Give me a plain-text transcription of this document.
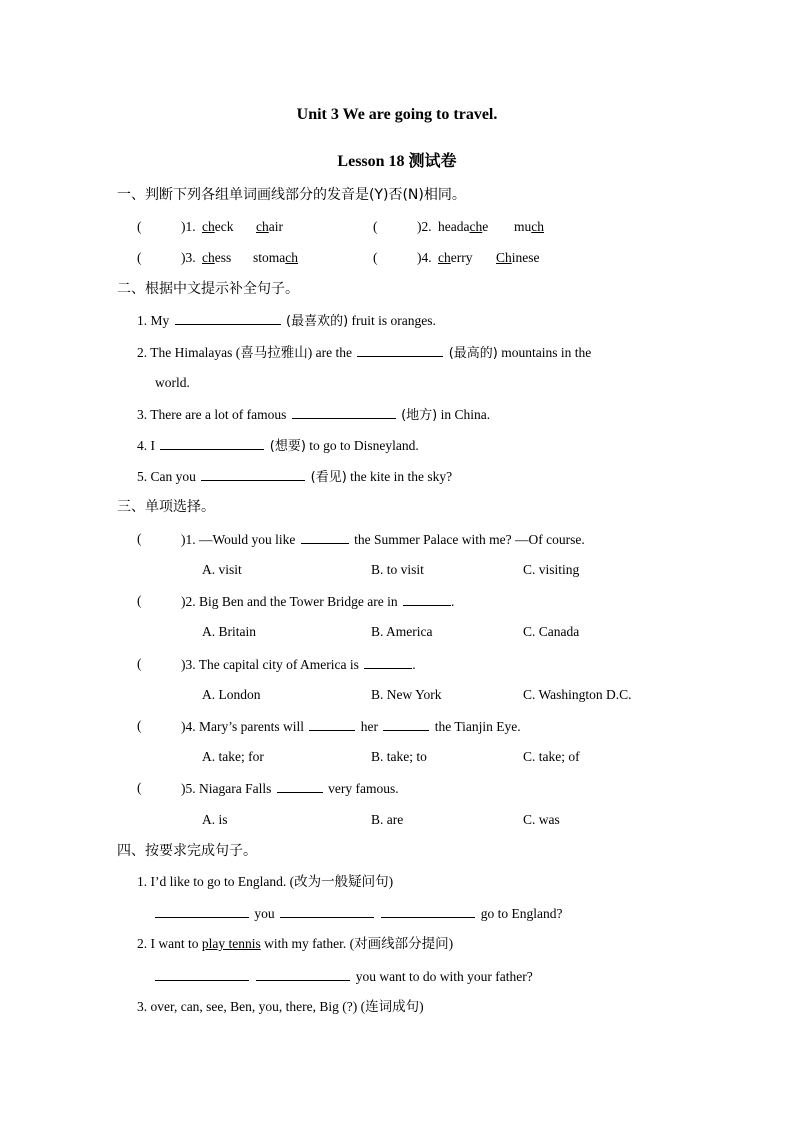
Unit 3 We are going to travel.
Lesson 18 测试卷
一、判断下列各组单词画线部分的发音是(Y)否(N)相同。
(	)1. check chair	(	)2. headache much
(	)3. chess stomach	(	)4. cherry Chinese
二、根据中文提示补全句子。
1. My	(最喜欢的) fruit is oranges.
2. The Himalayas (喜马拉雅山) are the	(最高的) mountains in the
world.
3. There are a lot of famous	(地方) in China.
4. I	(想要) to go to Disneyland.
5. Can you	(看见) the kite in the sky?
三、单项选择。
(	)1. —Would you like	the Summer Palace with me? —Of course.
A. visit	B. to visit	C. visiting
(	)2. Big Ben and the Tower Bridge are in	.
A. Britain	B. America	C. Canada
(	)3. The capital city of America is	.
A. London	B. New York	C. Washington D.C.
(	)4. Mary’s parents will	her	the Tianjin Eye.
A. take; for	B. take; to	C. take; of
(	)5. Niagara Falls	very famous.
A. is	B. are	C. was
四、按要求完成句子。
1. I’d like to go to England. (改为一般疑问句)
you	go to England?
2. I want to play tennis with my father. (对画线部分提问)
you want to do with your father?
3. over, can, see, Ben, you, there, Big (?) (连词成句)
